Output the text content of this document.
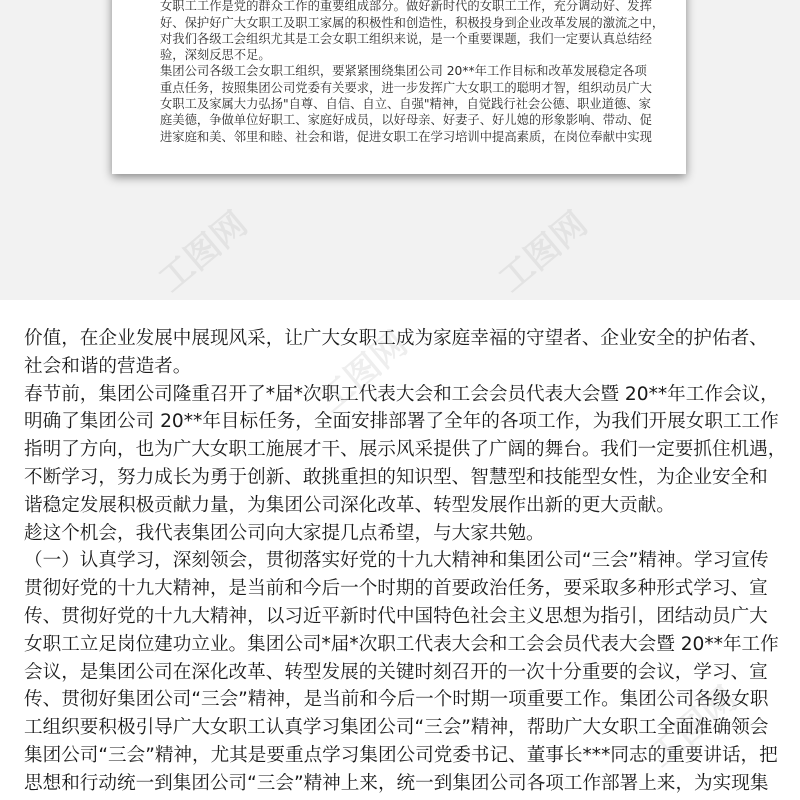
女职工工作是党的群众工作的重要组成部分。做好新时代的女职工工作，充分调动好、发挥

好、保护好广大女职工及职工家属的积极性和创造性，积极投身到企业改革发展的激流之中，

对我们各级工会组织尤其是工会女职工组织来说，是一个重要课题，我们一定要认真总结经

验，深刻反思不足。

集团公司各级工会女职工组织，要紧紧围绕集团公司 20**年工作目标和改革发展稳定各项

重点任务，按照集团公司党委有关要求，进一步发挥广大女职工的聪明才智，组织动员广大

女职工及家属大力弘扬"自尊、自信、自立、自强"精神，自觉践行社会公德、职业道德、家

庭美德，争做单位好职工、家庭好成员，以好母亲、好妻子、好儿媳的形象影响、带动、促

进家庭和美、邻里和睦、社会和谐，促进女职工在学习培训中提高素质，在岗位奉献中实现

工图网	工图网
工图网
工图网

价值，在企业发展中展现风采，让广大女职工成为家庭幸福的守望者、企业安全的护佑者、

社会和谐的营造者。

春节前，集团公司隆重召开了*届*次职工代表大会和工会会员代表大会暨 20**年工作会议，

明确了集团公司 20**年目标任务，全面安排部署了全年的各项工作，为我们开展女职工工作

指明了方向，也为广大女职工施展才干、展示风采提供了广阔的舞台。我们一定要抓住机遇，

不断学习，努力成长为勇于创新、敢挑重担的知识型、智慧型和技能型女性，为企业安全和

谐稳定发展积极贡献力量，为集团公司深化改革、转型发展作出新的更大贡献。

趁这个机会，我代表集团公司向大家提几点希望，与大家共勉。

（一）认真学习，深刻领会，贯彻落实好党的十九大精神和集团公司“三会”精神。学习宣传

贯彻好党的十九大精神，是当前和今后一个时期的首要政治任务，要采取多种形式学习、宣

传、贯彻好党的十九大精神，以习近平新时代中国特色社会主义思想为指引，团结动员广大

女职工立足岗位建功立业。集团公司*届*次职工代表大会和工会会员代表大会暨 20**年工作

会议，是集团公司在深化改革、转型发展的关键时刻召开的一次十分重要的会议，学习、宣

传、贯彻好集团公司“三会”精神，是当前和今后一个时期一项重要工作。集团公司各级女职

工组织要积极引导广大女职工认真学习集团公司“三会”精神，帮助广大女职工全面准确领会

集团公司“三会”精神，尤其是要重点学习集团公司党委书记、董事长***同志的重要讲话，把

思想和行动统一到集团公司“三会”精神上来，统一到集团公司各项工作部署上来，为实现集
